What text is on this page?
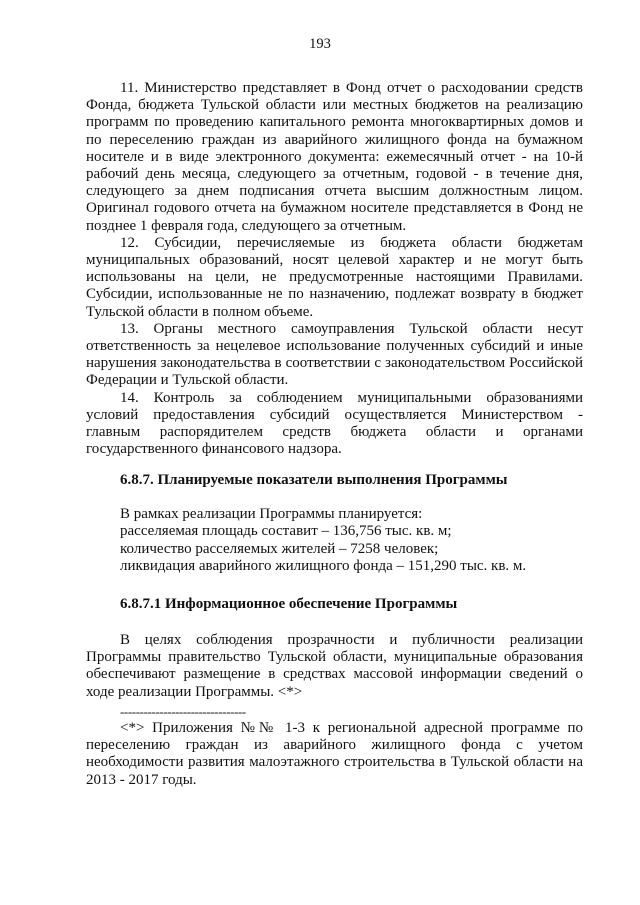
193

11. Министерство представляет в Фонд отчет о расходовании средств Фонда, бюджета Тульской области или местных бюджетов на реализацию программ по проведению капитального ремонта многоквартирных домов и по переселению граждан из аварийного жилищного фонда на бумажном носителе и в виде электронного документа: ежемесячный отчет - на 10-й рабочий день месяца, следующего за отчетным, годовой - в течение дня, следующего за днем подписания отчета высшим должностным лицом. Оригинал годового отчета на бумажном носителе представляется в Фонд не позднее 1 февраля года, следующего за отчетным.

12. Субсидии, перечисляемые из бюджета области бюджетам муниципальных образований, носят целевой характер и не могут быть использованы на цели, не предусмотренные настоящими Правилами. Субсидии, использованные не по назначению, подлежат возврату в бюджет Тульской области в полном объеме.

13. Органы местного самоуправления Тульской области несут ответственность за нецелевое использование полученных субсидий и иные нарушения законодательства в соответствии с законодательством Российской Федерации и Тульской области.

14. Контроль за соблюдением муниципальными образованиями условий предоставления субсидий осуществляется Министерством - главным распорядителем средств бюджета области и органами государственного финансового надзора.

6.8.7. Планируемые показатели выполнения Программы
В рамках реализации Программы планируется:
расселяемая площадь составит – 136,756 тыс. кв. м;
количество расселяемых жителей – 7258 человек;
ликвидация аварийного жилищного фонда – 151,290 тыс. кв. м.
6.8.7.1 Информационное обеспечение Программы

В целях соблюдения прозрачности и публичности реализации Программы правительство Тульской области, муниципальные образования обеспечивают размещение в средствах массовой информации сведений о ходе реализации Программы. <*>

--------------------------------

<*> Приложения №№ 1-3 к региональной адресной программе по переселению граждан из аварийного жилищного фонда с учетом необходимости развития малоэтажного строительства в Тульской области на 2013 - 2017 годы.
